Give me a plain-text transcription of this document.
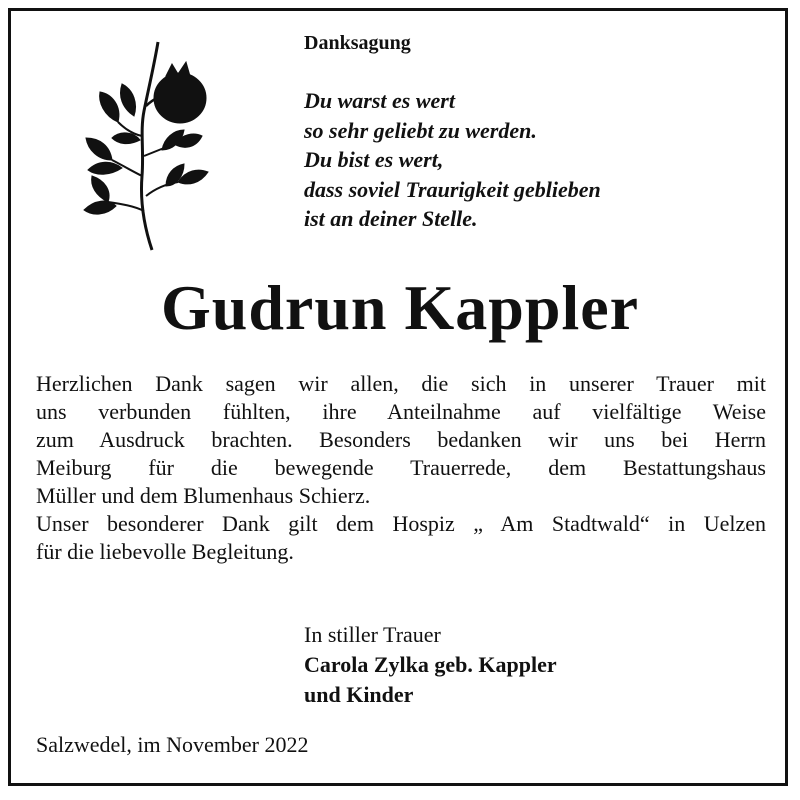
Danksagung
Du warst es wert
so sehr geliebt zu werden.
Du bist es wert,
dass soviel Traurigkeit geblieben
ist an deiner Stelle.
Gudrun Kappler
Herzlichen Dank sagen wir allen, die sich in unserer Trauer mit
uns verbunden fühlten, ihre Anteilnahme auf vielfältige Weise
zum Ausdruck brachten. Besonders bedanken wir uns bei Herrn
Meiburg für die bewegende Trauerrede, dem Bestattungshaus
Müller und dem Blumenhaus Schierz.
Unser besonderer Dank gilt dem Hospiz „ Am Stadtwald“ in Uelzen
für die liebevolle Begleitung.
In stiller Trauer
Carola Zylka geb. Kappler
und Kinder

Salzwedel, im November 2022
